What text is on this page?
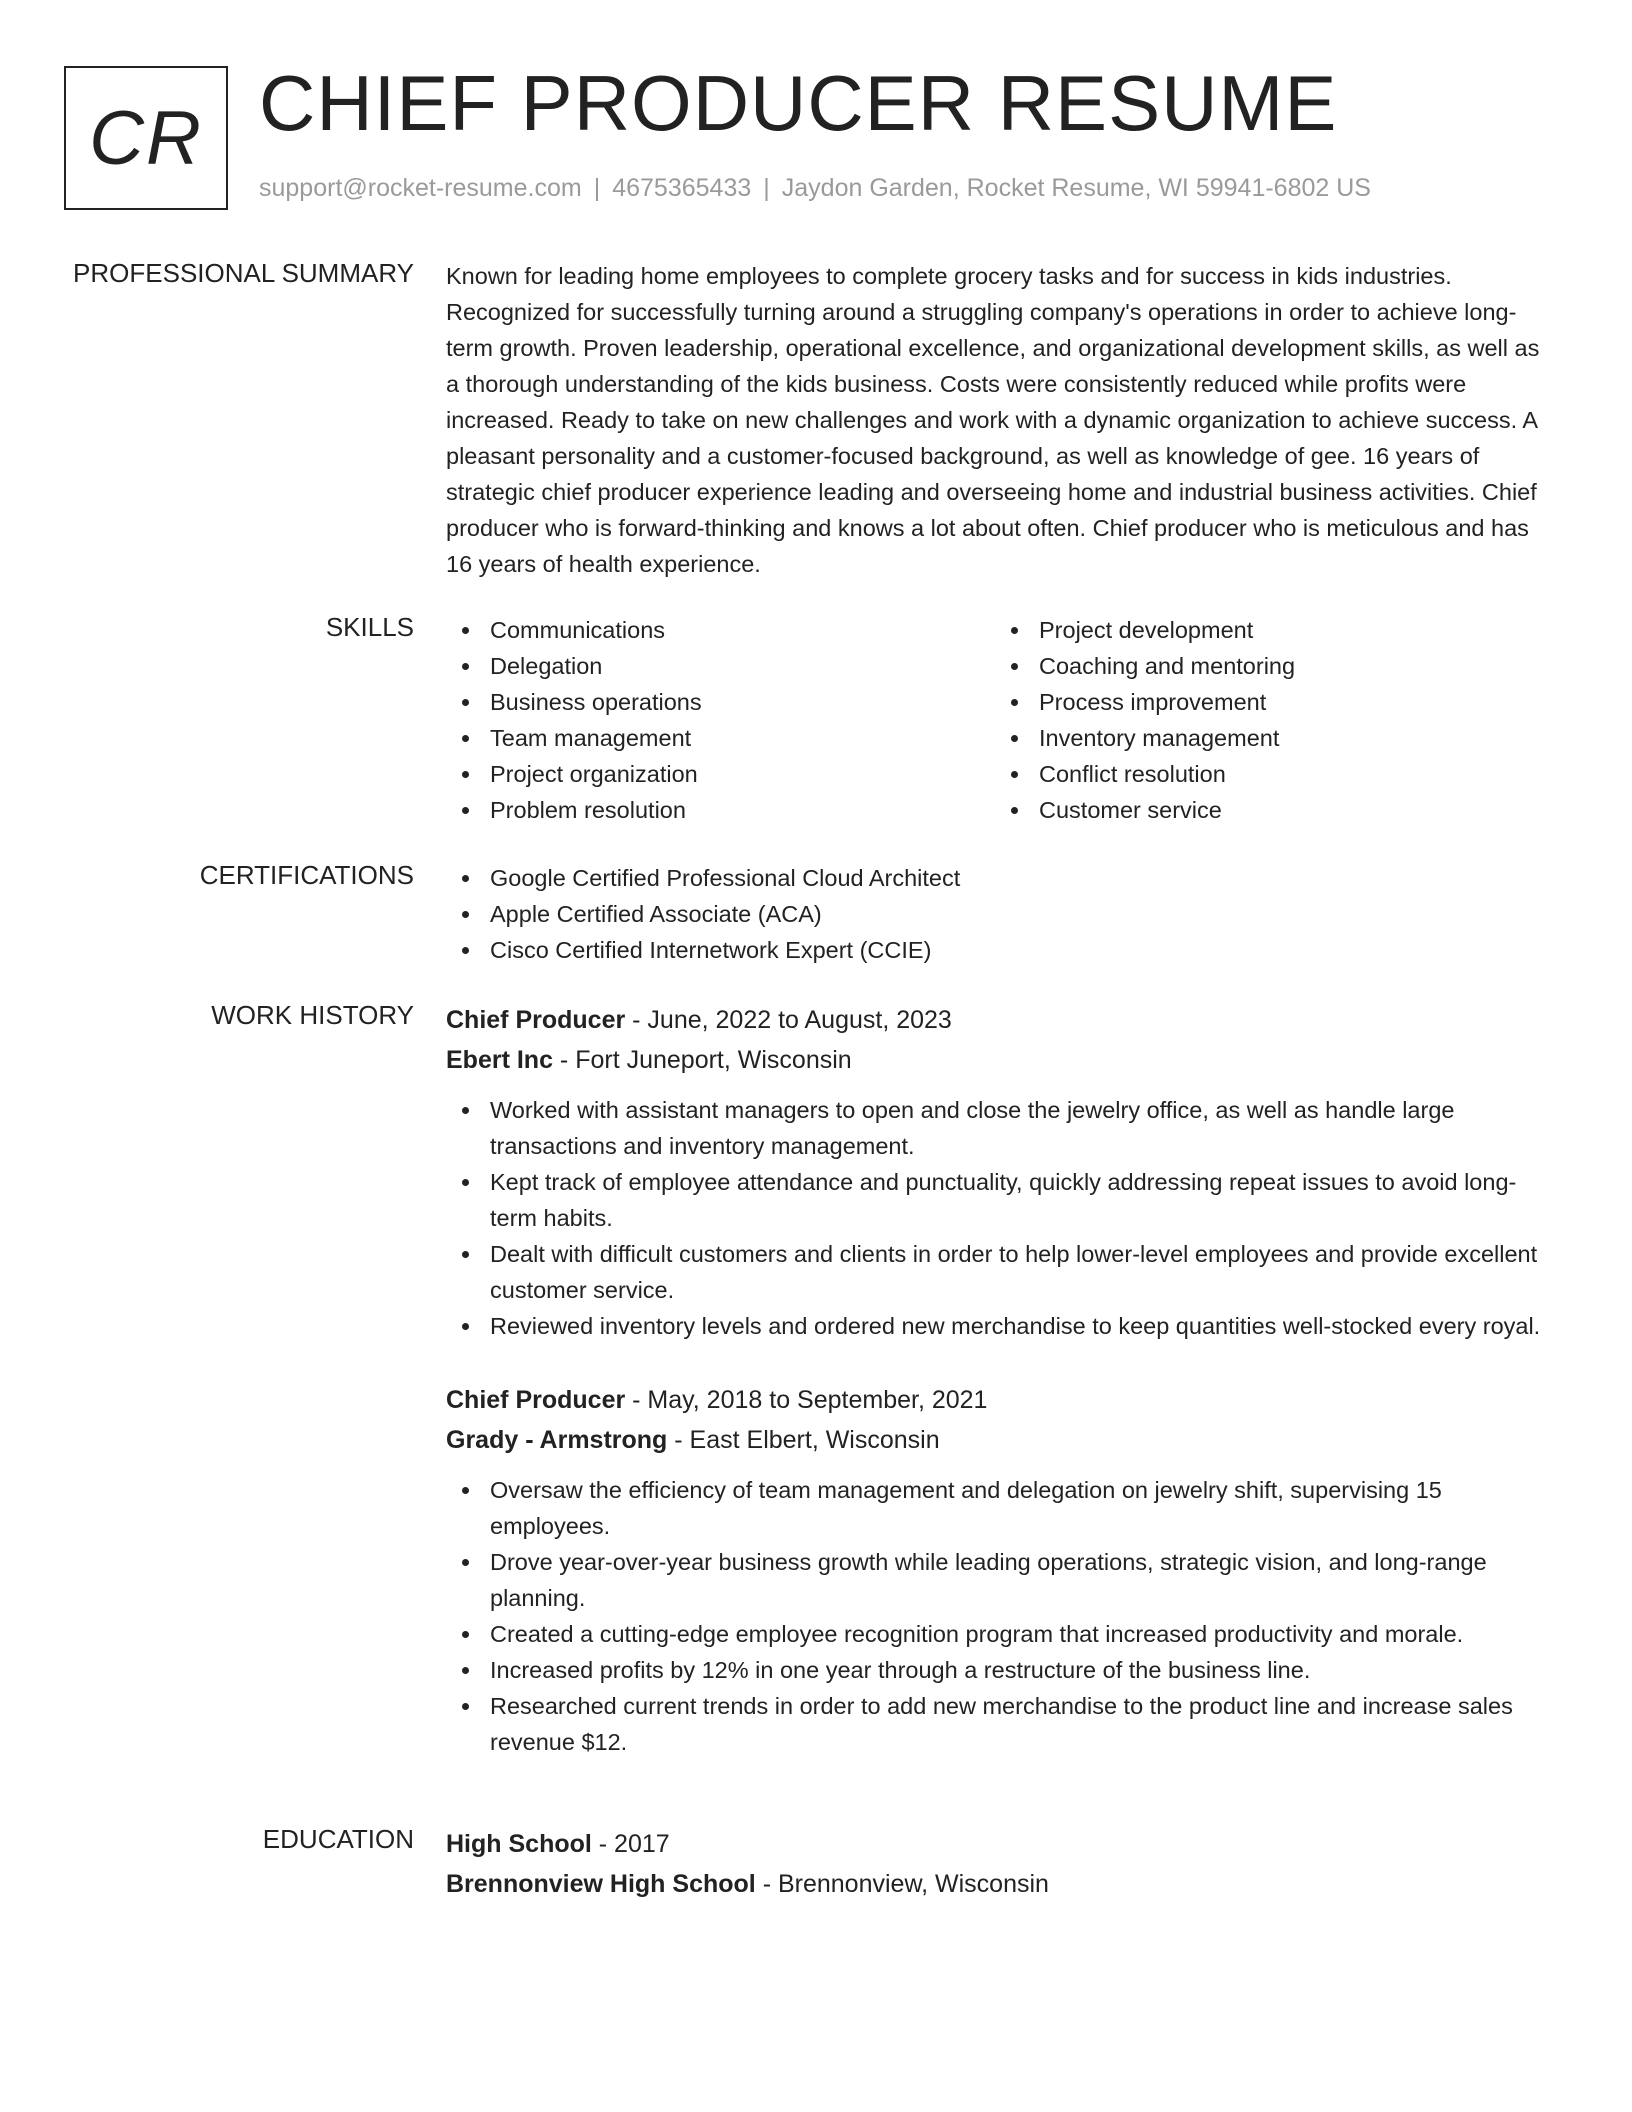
CR CHIEF PRODUCER RESUME
support@rocket-resume.com | 4675365433 | Jaydon Garden, Rocket Resume, WI 59941-6802 US
PROFESSIONAL SUMMARY Known for leading home employees to complete grocery tasks and for success in kids industries. Recognized for successfully turning around a struggling company's operations in order to achieve long-term growth. Proven leadership, operational excellence, and organizational development skills, as well as a thorough understanding of the kids business. Costs were consistently reduced while profits were increased. Ready to take on new challenges and work with a dynamic organization to achieve success. A pleasant personality and a customer-focused background, as well as knowledge of gee. 16 years of strategic chief producer experience leading and overseeing home and industrial business activities. Chief producer who is forward-thinking and knows a lot about often. Chief producer who is meticulous and has 16 years of health experience.

SKILLS	Communications
Delegation
Business operations
Team management
Project organization
Problem resolution
Project development
Coaching and mentoring
Process improvement
Inventory management
Conflict resolution
Customer service
CERTIFICATIONS	Google Certified Professional Cloud Architect
Apple Certified Associate (ACA)
Cisco Certified Internetwork Expert (CCIE)
WORK HISTORY Chief Producer - June, 2022 to August, 2023
Ebert Inc - Fort Juneport, Wisconsin
Worked with assistant managers to open and close the jewelry office, as well as handle large transactions and inventory management.
Kept track of employee attendance and punctuality, quickly addressing repeat issues to avoid long-term habits.
Dealt with difficult customers and clients in order to help lower-level employees and provide excellent customer service.
Reviewed inventory levels and ordered new merchandise to keep quantities well-stocked every royal.
Chief Producer - May, 2018 to September, 2021
Grady - Armstrong - East Elbert, Wisconsin
Oversaw the efficiency of team management and delegation on jewelry shift, supervising 15 employees.
Drove year-over-year business growth while leading operations, strategic vision, and long-range planning.
Created a cutting-edge employee recognition program that increased productivity and morale.
Increased profits by 12% in one year through a restructure of the business line.
Researched current trends in order to add new merchandise to the product line and increase sales revenue $12.
EDUCATION High School - 2017
Brennonview High School - Brennonview, Wisconsin
